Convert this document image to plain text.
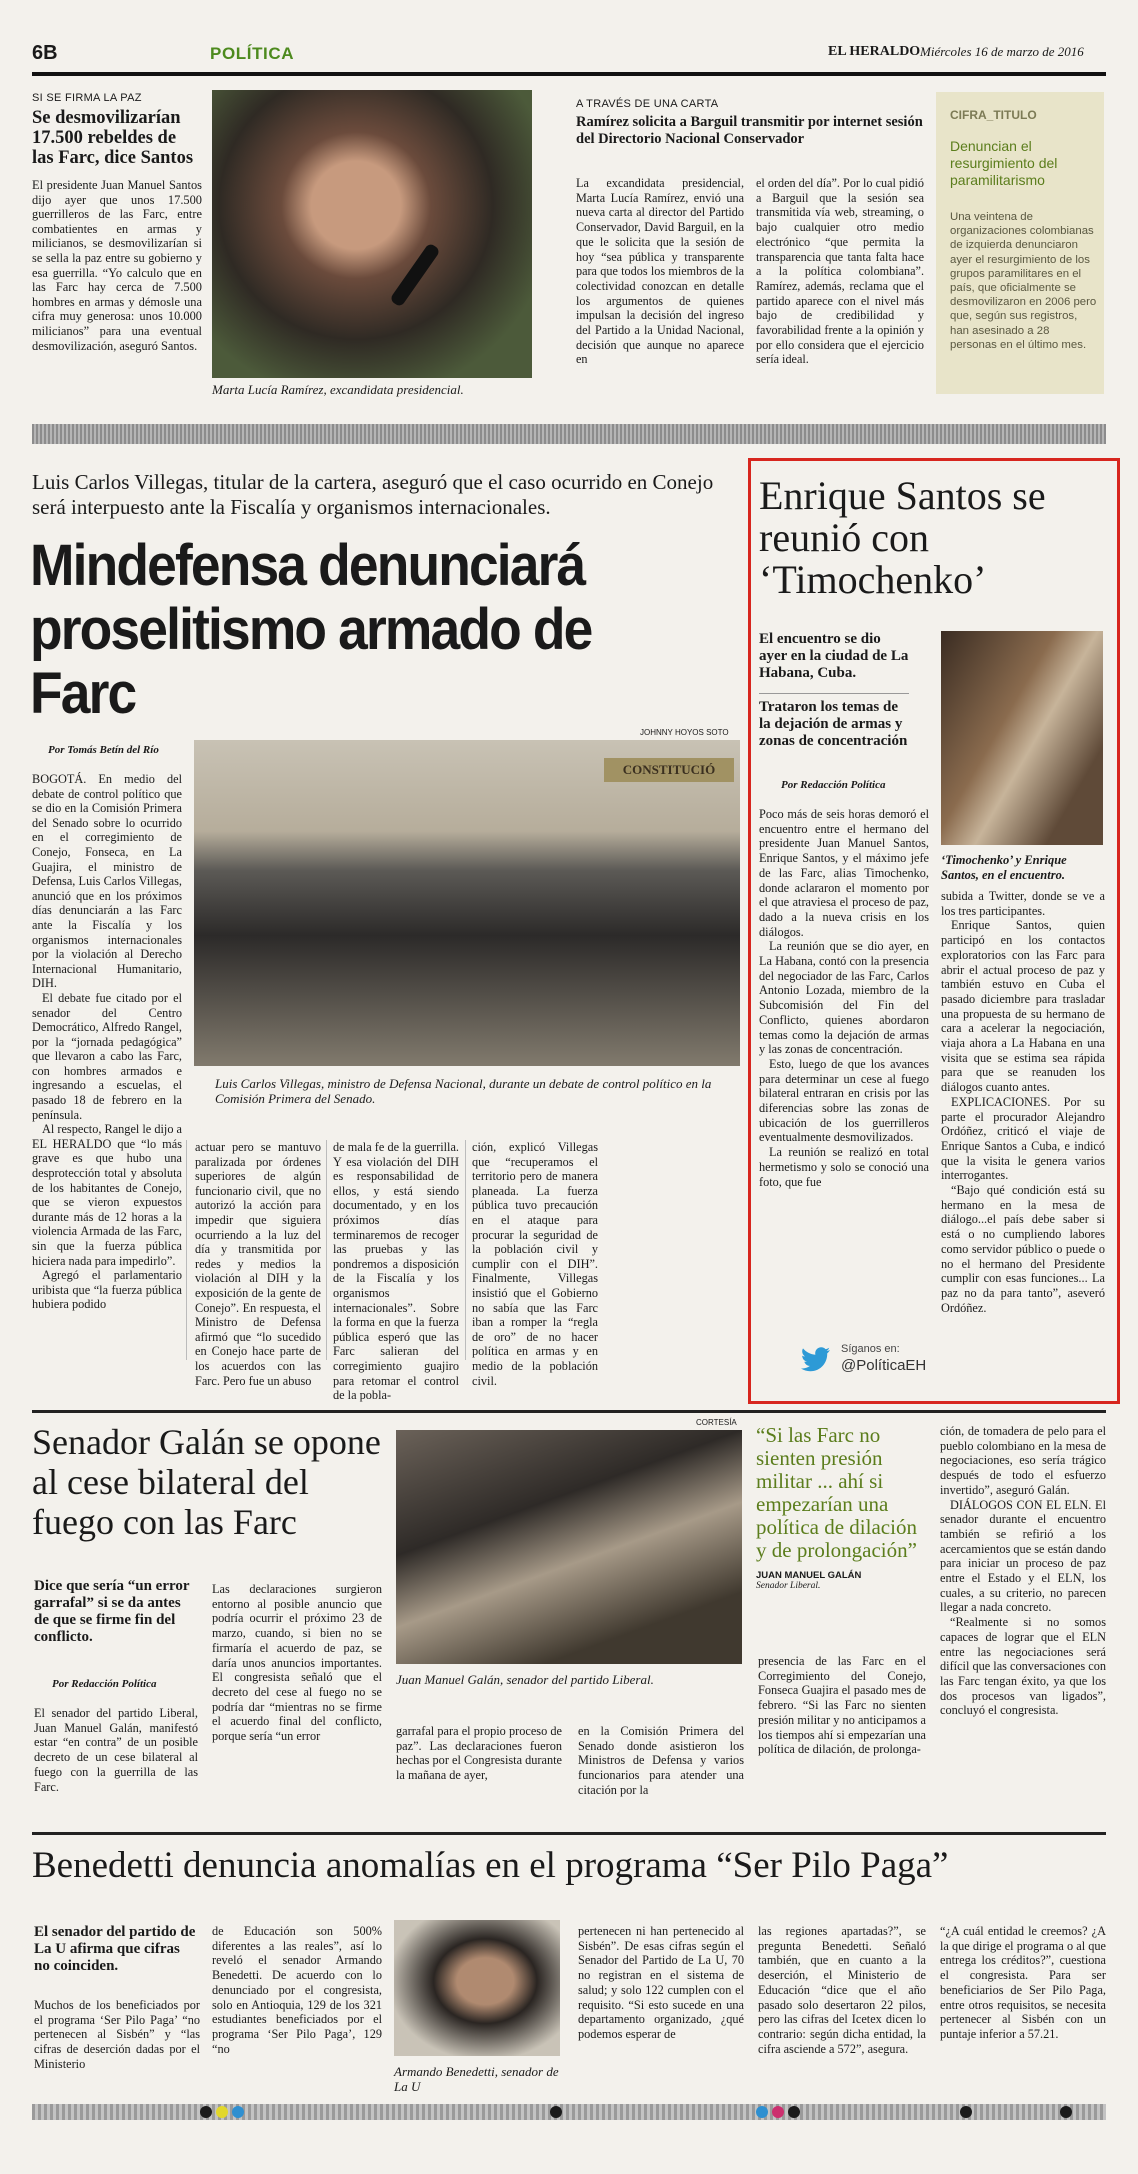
6B	POLÍTICA	EL HERALDO Miércoles 16 de marzo de 2016
SI SE FIRMA LA PAZ
Se desmovilizarían 17.500 rebeldes de las Farc, dice Santos
El presidente Juan Manuel Santos dijo ayer que unos 17.500 guerrilleros de las Farc, entre combatientes en armas y milicianos, se desmovilizarían si se sella la paz entre su gobierno y esa guerrilla. “Yo calculo que en las Farc hay cerca de 7.500 hombres en armas y démosle una cifra muy generosa: unos 10.000 milicianos” para una eventual desmovilización, aseguró Santos.
Marta Lucía Ramírez, excandidata presidencial.
A TRAVÉS DE UNA CARTA
Ramírez solicita a Barguil transmitir por internet sesión del Directorio Nacional Conservador
La excandidata presidencial, Marta Lucía Ramírez, envió una nueva carta al director del Partido Conservador, David Barguil, en la que le solicita que la sesión de hoy “sea pública y transparente para que todos los miembros de la colectividad conozcan en detalle los argumentos de quienes impulsan la decisión del ingreso del Partido a la Unidad Nacional, decisión que aunque no aparece en
el orden del día”. Por lo cual pidió a Barguil que la sesión sea transmitida vía web, streaming, o bajo cualquier otro medio electrónico “que permita la transparencia que tanta falta hace a la política colombiana”. Ramírez, además, reclama que el partido aparece con el nivel más bajo de credibilidad y favorabilidad frente a la opinión y por ello considera que el ejercicio sería ideal.
CIFRA_TITULO
Denuncian el resurgimiento del paramilitarismo
Una veintena de organizaciones colombianas de izquierda denunciaron ayer el resurgimiento de los grupos paramilitares en el país, que oficialmente se desmovilizaron en 2006 pero que, según sus registros, han asesinado a 28 personas en el último mes.
Luis Carlos Villegas, titular de la cartera, aseguró que el caso ocurrido en Conejo será interpuesto ante la Fiscalía y organismos internacionales.
Mindefensa denunciará proselitismo armado de Farc
JOHNNY HOYOS SOTO
Por Tomás Betín del Río

BOGOTÁ. En medio del debate de control político que se dio en la Comisión Primera del Senado sobre lo ocurrido en el corregimiento de Conejo, Fonseca, en La Guajira, el ministro de Defensa, Luis Carlos Villegas, anunció que en los próximos días denunciarán a las Farc ante la Fiscalía y los organismos internacionales por la violación al Derecho Internacional Humanitario, DIH.

El debate fue citado por el senador del Centro Democrático, Alfredo Rangel, por la “jornada pedagógica” que llevaron a cabo las Farc, con hombres armados e ingresando a escuelas, el pasado 18 de febrero en la península.

Al respecto, Rangel le dijo a EL HERALDO que “lo más grave es que hubo una desprotección total y absoluta de los habitantes de Conejo, que se vieron expuestos durante más de 12 horas a la violencia Armada de las Farc, sin que la fuerza pública hiciera nada para impedirlo”.

Agregó el parlamentario uribista que “la fuerza pública hubiera podido

CONSTITUCIÓ
Luis Carlos Villegas, ministro de Defensa Nacional, durante un debate de control político en la Comisión Primera del Senado.
actuar pero se mantuvo paralizada por órdenes superiores de algún funcionario civil, que no autorizó la acción para impedir que siguiera ocurriendo a la luz del día y transmitida por redes y medios la violación al DIH y la exposición de la gente de Conejo”. En respuesta, el Ministro de Defensa afirmó que “lo sucedido en Conejo hace parte de los acuerdos con las Farc. Pero fue un abuso
de mala fe de la guerrilla. Y esa violación del DIH es responsabilidad de ellos, y está siendo documentado, y en los próximos días terminaremos de recoger las pruebas y las pondremos a disposición de la Fiscalía y los organismos internacionales”. Sobre la forma en que la fuerza pública esperó que las Farc salieran del corregimiento guajiro para retomar el control de la pobla-
ción, explicó Villegas que “recuperamos el territorio pero de manera planeada. La fuerza pública tuvo precaución en el ataque para procurar la seguridad de la población civil y cumplir con el DIH”. Finalmente, Villegas insistió que el Gobierno no sabía que las Farc iban a romper la “regla de oro” de no hacer política en armas y en medio de la población civil.
Enrique Santos se reunió con ‘Timochenko’
El encuentro se dio ayer en la ciudad de La Habana, Cuba.
Trataron los temas de la dejación de armas y zonas de concentración
Por Redacción Política
‘Timochenko’ y Enrique Santos, en el encuentro.

Poco más de seis horas demoró el encuentro entre el hermano del presidente Juan Manuel Santos, Enrique Santos, y el máximo jefe de las Farc, alias Timochenko, donde aclararon el momento por el que atraviesa el proceso de paz, dado a la nueva crisis en los diálogos.

La reunión que se dio ayer, en La Habana, contó con la presencia del negociador de las Farc, Carlos Antonio Lozada, miembro de la Subcomisión del Fin del Conflicto, quienes abordaron temas como la dejación de armas y las zonas de concentración.

Esto, luego de que los avances para determinar un cese al fuego bilateral entraran en crisis por las diferencias sobre las zonas de ubicación de los guerrilleros eventualmente desmovilizados.

La reunión se realizó en total hermetismo y solo se conoció una foto, que fue

subida a Twitter, donde se ve a los tres participantes.

Enrique Santos, quien participó en los contactos exploratorios con las Farc para abrir el actual proceso de paz y también estuvo en Cuba el pasado diciembre para trasladar una propuesta de su hermano de cara a acelerar la negociación, viaja ahora a La Habana en una visita que se estima sea rápida para que se reanuden los diálogos cuanto antes.

EXPLICACIONES. Por su parte el procurador Alejandro Ordóñez, criticó el viaje de Enrique Santos a Cuba, e indicó que la visita le genera varios interrogantes.

“Bajo qué condición está su hermano en la mesa de diálogo...el país debe saber si está o no cumpliendo labores como servidor público o puede o no el hermano del Presidente cumplir con esas funciones... La paz no da para tanto”, aseveró Ordóñez.

Síganos en:
@PolíticaEH
Senador Galán se opone al cese bilateral del fuego con las Farc
Dice que sería “un error garrafal” si se da antes de que se firme fin del conflicto.
Por Redacción Política
El senador del partido Liberal, Juan Manuel Galán, manifestó estar “en contra” de un posible decreto de un cese bilateral al fuego con la guerrilla de las Farc.
Las declaraciones surgieron entorno al posible anuncio que podría ocurrir el próximo 23 de marzo, cuando, si bien no se firmaría el acuerdo de paz, se daría unos anuncios importantes. El congresista señaló que el decreto del cese al fuego no se podría dar “mientras no se firme el acuerdo final del conflicto, porque sería “un error
CORTESÍA
Juan Manuel Galán, senador del partido Liberal.
garrafal para el propio proceso de paz”. Las declaraciones fueron hechas por el Congresista durante la mañana de ayer,
en la Comisión Primera del Senado donde asistieron los Ministros de Defensa y varios funcionarios para atender una citación por la
“Si las Farc no sienten presión militar ... ahí si empezarían una política de dilación y de prolongación”
JUAN MANUEL GALÁN
Senador Liberal.
presencia de las Farc en el Corregimiento del Conejo, Fonseca Guajira el pasado mes de febrero. “Si las Farc no sienten presión militar y no anticipamos a los tiempos ahí si empezarían una política de dilación, de prolonga-

ción, de tomadera de pelo para el pueblo colombiano en la mesa de negociaciones, eso sería trágico después de todo el esfuerzo invertido”, aseguró Galán.

DIÁLOGOS CON EL ELN. El senador durante el encuentro también se refirió a los acercamientos que se están dando para iniciar un proceso de paz entre el Estado y el ELN, los cuales, a su criterio, no parecen llegar a nada concreto.

“Realmente si no somos capaces de lograr que el ELN entre las negociaciones será difícil que las conversaciones con las Farc tengan éxito, ya que los dos procesos van ligados”, concluyó el congresista.

Benedetti denuncia anomalías en el programa “Ser Pilo Paga”
El senador del partido de La U afirma que cifras no coinciden.
Muchos de los beneficiados por el programa ‘Ser Pilo Paga’ “no pertenecen al Sisbén” y “las cifras de deserción dadas por el Ministerio
de Educación son 500% diferentes a las reales”, así lo reveló el senador Armando Benedetti. De acuerdo con lo denunciado por el congresista, solo en Antioquia, 129 de los 321 estudiantes beneficiados por el programa ‘Ser Pilo Paga’, 129 “no
Armando Benedetti, senador de La U
pertenecen ni han pertenecido al Sisbén”. De esas cifras según el Senador del Partido de La U, 70 no registran en el sistema de salud; y solo 122 cumplen con el requisito. “Si esto sucede en una departamento organizado, ¿qué podemos esperar de
las regiones apartadas?”, se pregunta Benedetti. Señaló también, que en cuanto a la deserción, el Ministerio de Educación “dice que el año pasado solo desertaron 22 pilos, pero las cifras del Icetex dicen lo contrario: según dicha entidad, la cifra asciende a 572”, asegura.
“¿A cuál entidad le creemos? ¿A la que dirige el programa o al que entrega los créditos?”, cuestiona el congresista. Para ser beneficiarios de Ser Pilo Paga, entre otros requisitos, se necesita pertenecer al Sisbén con un puntaje inferior a 57.21.
